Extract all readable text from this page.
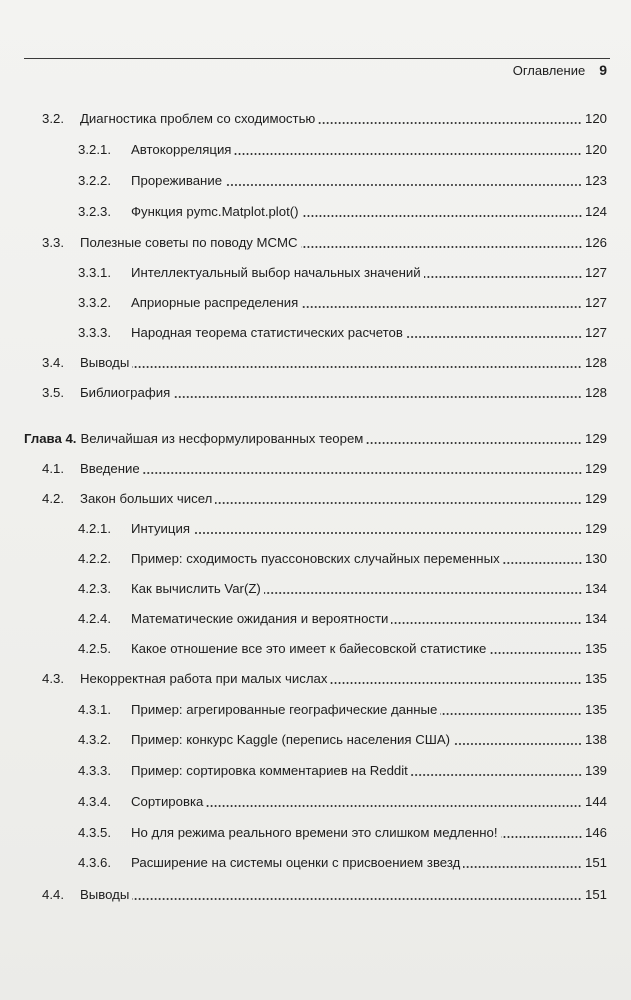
Оглавление 9
3.2.	Диагностика проблем со сходимостью	120
3.2.1.	Автокорреляция	120
3.2.2.	Прореживание	123
3.2.3.	Функция pymc.Matplot.plot()	124
3.3.	Полезные советы по поводу MCMC	126
3.3.1.	Интеллектуальный выбор начальных значений	127
3.3.2.	Априорные распределения	127
3.3.3.	Народная теорема статистических расчетов	127
3.4.	Выводы	128
3.5.	Библиография	128
Глава 4. Величайшая из несформулированных теорем	129
4.1.	Введение	129
4.2.	Закон больших чисел	129
4.2.1.	Интуиция	129
4.2.2.	Пример: сходимость пуассоновских случайных переменных	130
4.2.3.	Как вычислить Var(Z)	134
4.2.4.	Математические ожидания и вероятности	134
4.2.5.	Какое отношение все это имеет к байесовской статистике	135
4.3.	Некорректная работа при малых числах	135
4.3.1.	Пример: агрегированные географические данные	135
4.3.2.	Пример: конкурс Kaggle (перепись населения США)	138
4.3.3.	Пример: сортировка комментариев на Reddit	139
4.3.4.	Сортировка	144
4.3.5.	Но для режима реального времени это слишком медленно!	146
4.3.6.	Расширение на системы оценки с присвоением звезд	151
4.4.	Выводы	151
